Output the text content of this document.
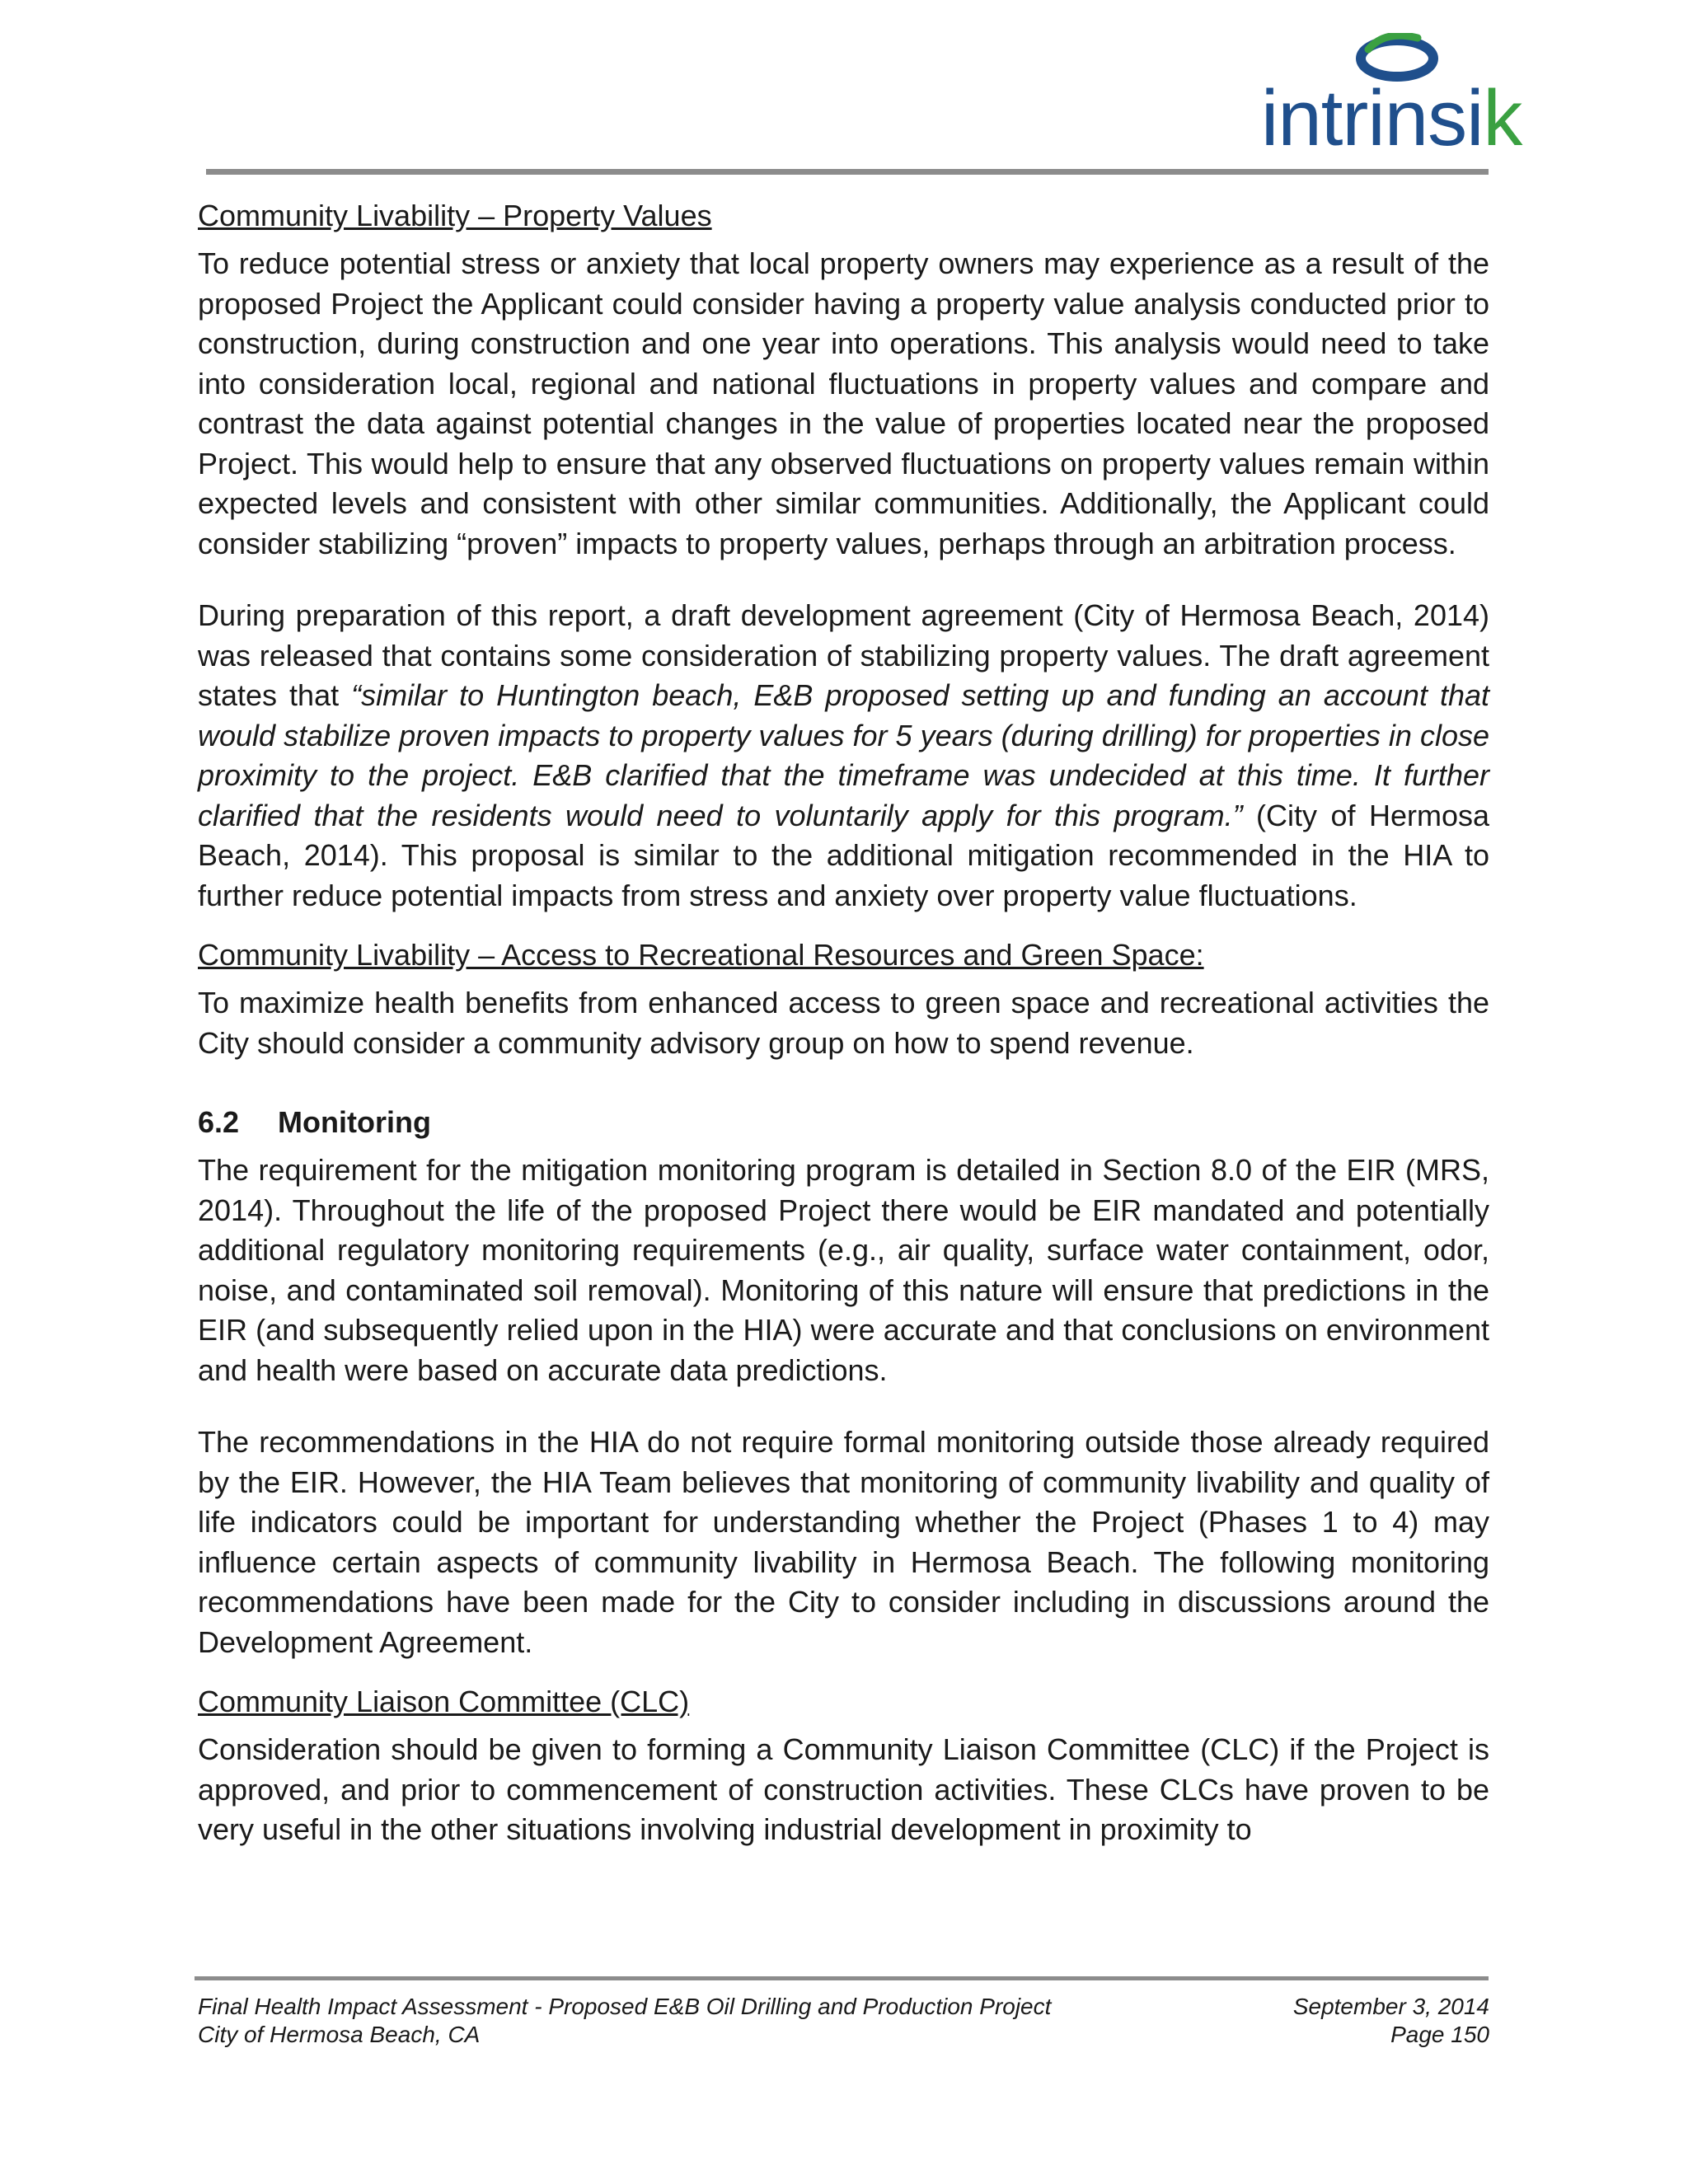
intrinsik
Community Livability – Property Values

To reduce potential stress or anxiety that local property owners may experience as a result of the proposed Project the Applicant could consider having a property value analysis conducted prior to construction, during construction and one year into operations. This analysis would need to take into consideration local, regional and national fluctuations in property values and compare and contrast the data against potential changes in the value of properties located near the proposed Project. This would help to ensure that any observed fluctuations on property values remain within expected levels and consistent with other similar communities. Additionally, the Applicant could consider stabilizing “proven” impacts to property values, perhaps through an arbitration process.

During preparation of this report, a draft development agreement (City of Hermosa Beach, 2014) was released that contains some consideration of stabilizing property values. The draft agreement states that “similar to Huntington beach, E&B proposed setting up and funding an account that would stabilize proven impacts to property values for 5 years (during drilling) for properties in close proximity to the project. E&B clarified that the timeframe was undecided at this time. It further clarified that the residents would need to voluntarily apply for this program.” (City of Hermosa Beach, 2014). This proposal is similar to the additional mitigation recommended in the HIA to further reduce potential impacts from stress and anxiety over property value fluctuations.

Community Livability – Access to Recreational Resources and Green Space:

To maximize health benefits from enhanced access to green space and recreational activities the City should consider a community advisory group on how to spend revenue.

6.2	Monitoring

The requirement for the mitigation monitoring program is detailed in Section 8.0 of the EIR (MRS, 2014). Throughout the life of the proposed Project there would be EIR mandated and potentially additional regulatory monitoring requirements (e.g., air quality, surface water containment, odor, noise, and contaminated soil removal). Monitoring of this nature will ensure that predictions in the EIR (and subsequently relied upon in the HIA) were accurate and that conclusions on environment and health were based on accurate data predictions.

The recommendations in the HIA do not require formal monitoring outside those already required by the EIR. However, the HIA Team believes that monitoring of community livability and quality of life indicators could be important for understanding whether the Project (Phases 1 to 4) may influence certain aspects of community livability in Hermosa Beach. The following monitoring recommendations have been made for the City to consider including in discussions around the Development Agreement.

Community Liaison Committee (CLC)

Consideration should be given to forming a Community Liaison Committee (CLC) if the Project is approved, and prior to commencement of construction activities. These CLCs have proven to be very useful in the other situations involving industrial development in proximity to

Final Health Impact Assessment - Proposed E&B Oil Drilling and Production Project	September 3, 2014
City of Hermosa Beach, CA	Page 150
